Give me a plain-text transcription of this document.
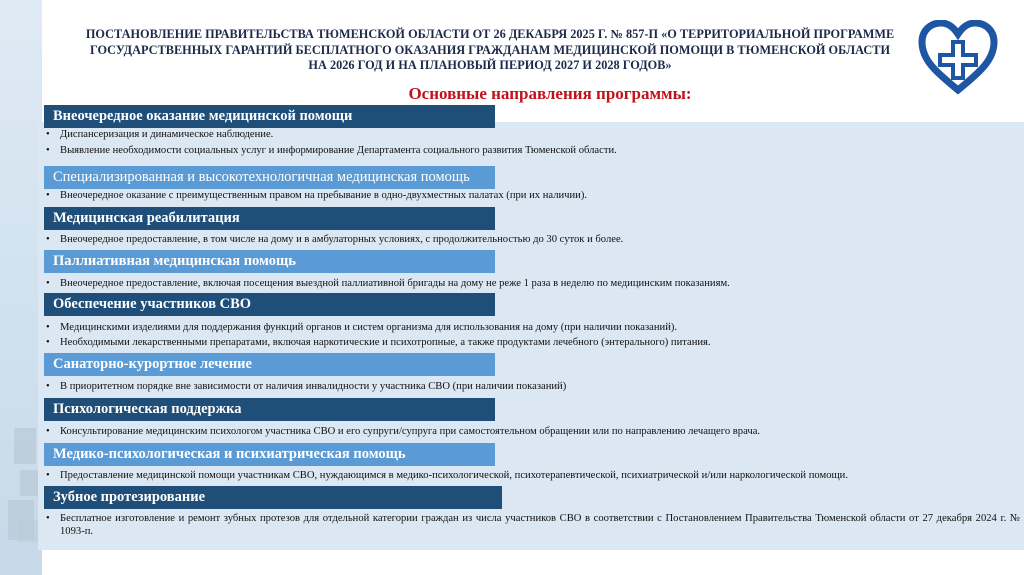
ПОСТАНОВЛЕНИЕ ПРАВИТЕЛЬСТВА ТЮМЕНСКОЙ ОБЛАСТИ ОТ 26 ДЕКАБРЯ 2025 Г. № 857-П «О ТЕРРИТОРИАЛЬНОЙ ПРОГРАММЕ ГОСУДАРСТВЕННЫХ ГАРАНТИЙ БЕСПЛАТНОГО ОКАЗАНИЯ ГРАЖДАНАМ МЕДИЦИНСКОЙ ПОМОЩИ В ТЮМЕНСКОЙ ОБЛАСТИ НА 2026 ГОД И НА ПЛАНОВЫЙ ПЕРИОД 2027 И 2028 ГОДОВ»
Основные направления программы:
Внеочередное оказание медицинской помощи
• Диспансеризация и динамическое наблюдение.
• Выявление необходимости социальных услуг и информирование Департамента социального развития Тюменской области.
Специализированная и высокотехнологичная медицинская помощь
• Внеочередное оказание с преимущественным правом на пребывание в одно-двухместных палатах (при их наличии).
Медицинская реабилитация
• Внеочередное предоставление, в том числе на дому и в амбулаторных условиях, с продолжительностью до 30 суток и более.
Паллиативная медицинская помощь
• Внеочередное предоставление, включая посещения выездной паллиативной бригады на дому не реже 1 раза в неделю по медицинским показаниям.
Обеспечение участников СВО
• Медицинскими изделиями для поддержания функций органов и систем организма для использования на дому (при наличии показаний).
• Необходимыми лекарственными препаратами, включая наркотические и психотропные, а также продуктами лечебного (энтерального) питания.
Санаторно-курортное лечение
• В приоритетном порядке вне зависимости от наличия инвалидности у участника СВО (при наличии показаний)
Психологическая поддержка
• Консультирование медицинским психологом участника СВО и его супруги/супруга при самостоятельном обращении или по направлению лечащего врача.
Медико-психологическая и психиатрическая помощь
• Предоставление медицинской помощи участникам СВО, нуждающимся в медико-психологической, психотерапевтической, психиатрической и/или наркологической помощи.
Зубное протезирование
• Бесплатное изготовление и ремонт зубных протезов для отдельной категории граждан из числа участников СВО в соответствии с Постановлением Правительства Тюменской области от 27 декабря 2024 г. № 1093-п.
